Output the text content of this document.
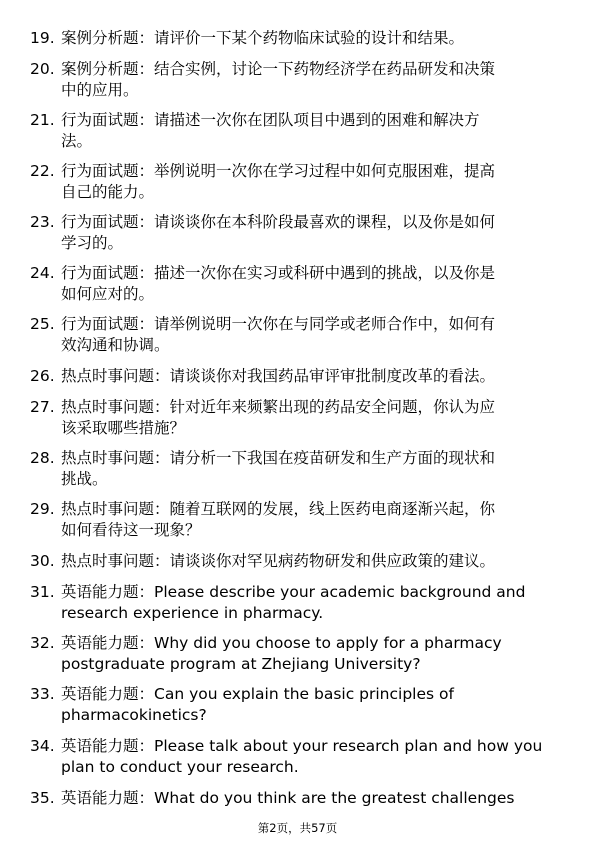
19. 案例分析题：请评价一下某个药物临床试验的设计和结果。
20. 案例分析题：结合实例，讨论一下药物经济学在药品研发和决策
中的应用。
21. 行为面试题：请描述一次你在团队项目中遇到的困难和解决方
法。
22. 行为面试题：举例说明一次你在学习过程中如何克服困难，提高
自己的能力。
23. 行为面试题：请谈谈你在本科阶段最喜欢的课程，以及你是如何
学习的。
24. 行为面试题：描述一次你在实习或科研中遇到的挑战，以及你是
如何应对的。
25. 行为面试题：请举例说明一次你在与同学或老师合作中，如何有
效沟通和协调。
26. 热点时事问题：请谈谈你对我国药品审评审批制度改革的看法。
27. 热点时事问题：针对近年来频繁出现的药品安全问题，你认为应
该采取哪些措施？
28. 热点时事问题：请分析一下我国在疫苗研发和生产方面的现状和
挑战。
29. 热点时事问题：随着互联网的发展，线上医药电商逐渐兴起，你
如何看待这一现象？
30. 热点时事问题：请谈谈你对罕见病药物研发和供应政策的建议。
31. 英语能力题：Please describe your academic background and
research experience in pharmacy.
32. 英语能力题：Why did you choose to apply for a pharmacy
postgraduate program at Zhejiang University?
33. 英语能力题：Can you explain the basic principles of
pharmacokinetics?
34. 英语能力题：Please talk about your research plan and how you
plan to conduct your research.
35. 英语能力题：What do you think are the greatest challenges
第2页，共57页
